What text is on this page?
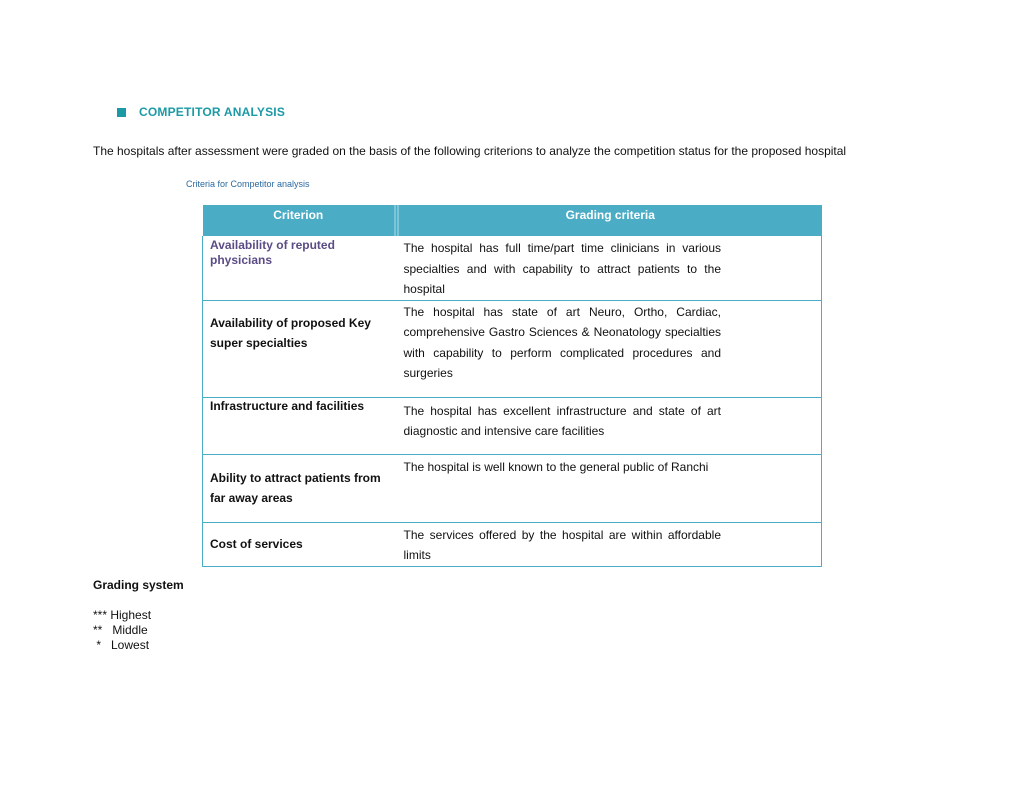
COMPETITOR ANALYSIS
The hospitals after assessment were graded on the basis of the following criterions to analyze the competition status for the proposed hospital
Criteria for Competitor analysis
Criterion	Grading criteria

Availability of reputed physicians	The hospital has full time/part time clinicians in various specialties and with capability to attract patients to the hospital

Availability of proposed Key super specialties	The hospital has state of art Neuro, Ortho, Cardiac, comprehensive Gastro Sciences & Neonatology specialties with capability to perform complicated procedures and surgeries

Infrastructure and facilities	The hospital has excellent infrastructure and state of art diagnostic and intensive care facilities

Ability to attract patients from far away areas	The hospital is well known to the general public of Ranchi

Cost of services	The services offered by the hospital are within affordable limits
Grading system
*** Highest
**   Middle
*   Lowest
